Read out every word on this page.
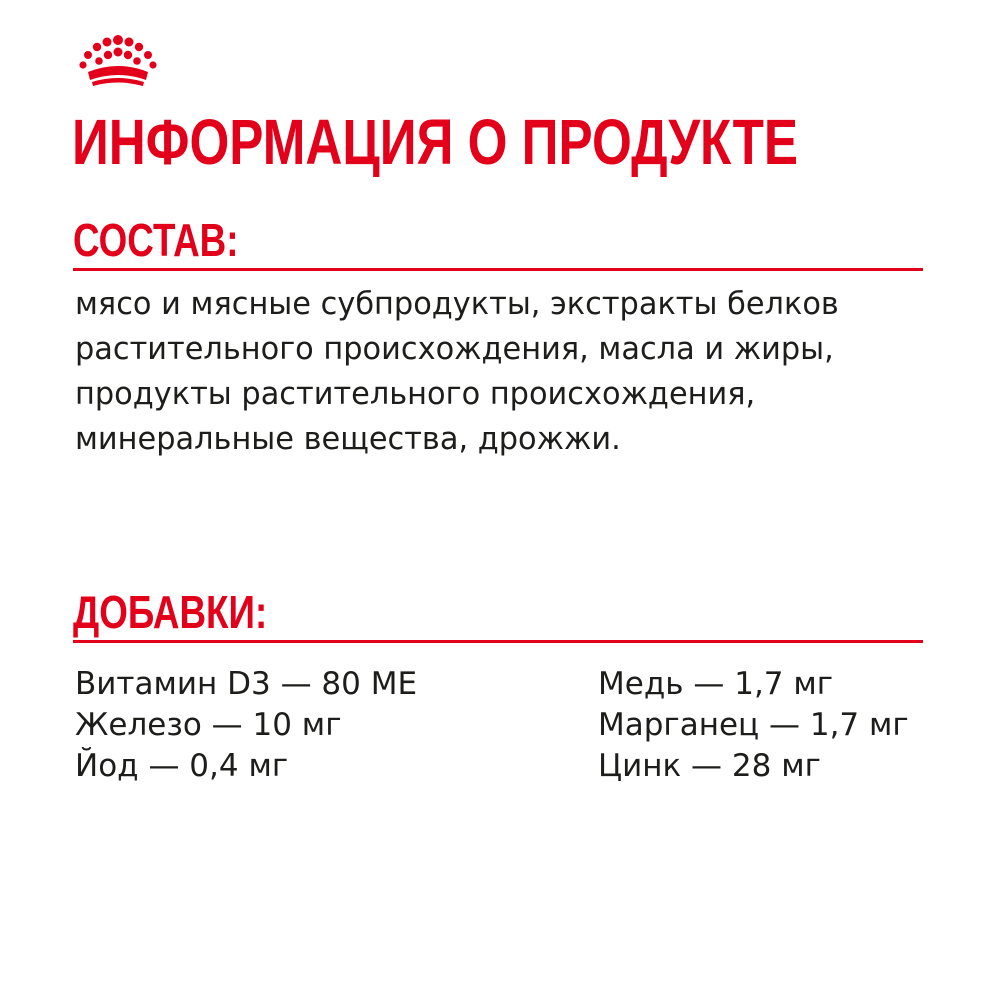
ИНФОРМАЦИЯ О ПРОДУКТЕ
СОСТАВ:

мясо и мясные субпродукты, экстракты белков растительного происхождения, масла и жиры, продукты растительного происхождения, минеральные вещества, дрожжи.

ДОБАВКИ:
Витамин D3 — 80 МЕ
Железо — 10 мг
Йод — 0,4 мг
Медь — 1,7 мг
Марганец — 1,7 мг
Цинк — 28 мг
